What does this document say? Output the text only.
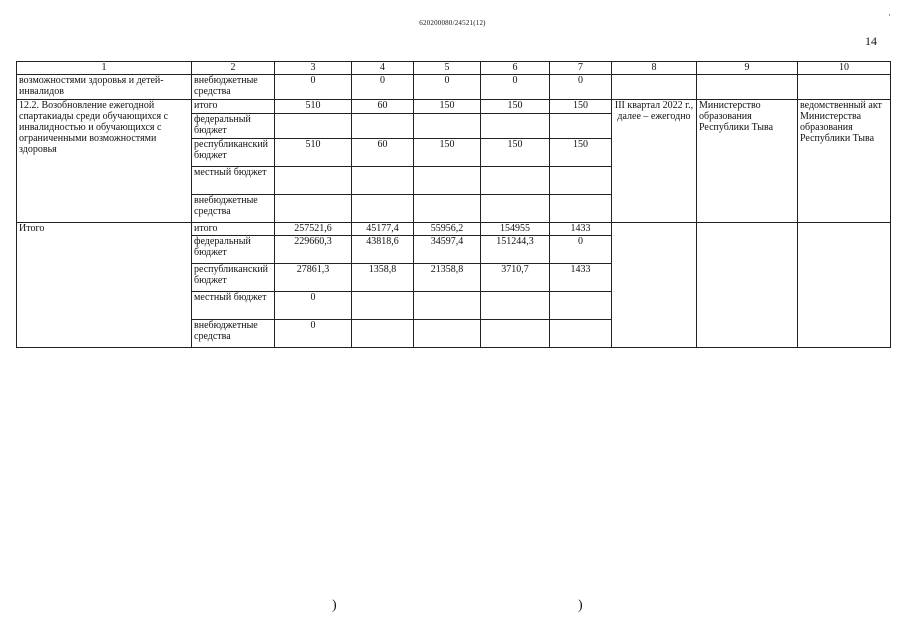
·
620200080/24521(12)
14
1	2	3	4	5	6	7	8	9	10
возможностями здоровья и детей-инвалидов	внебюджетные средства	0	0	0	0	0			
12.2. Возобновление ежегодной спартакиады среди обучающихся с инвалидностью и обучающихся с ограниченными возможностями здоровья	итого	510	60	150	150	150	III квартал 2022 г., далее – ежегодно	Министерство образования Республики Тыва	ведомственный акт Министерства образования Республики Тыва
	федеральный бюджет								
	республиканский бюджет	510	60	150	150	150			
	местный бюджет								
	внебюджетные средства								
Итого	итого	257521,6	45177,4	55956,2	154955	1433			
	федеральный бюджет	229660,3	43818,6	34597,4	151244,3	0			
	республиканский бюджет	27861,3	1358,8	21358,8	3710,7	1433			
	местный бюджет	0							
	внебюджетные средства	0							
)	)
